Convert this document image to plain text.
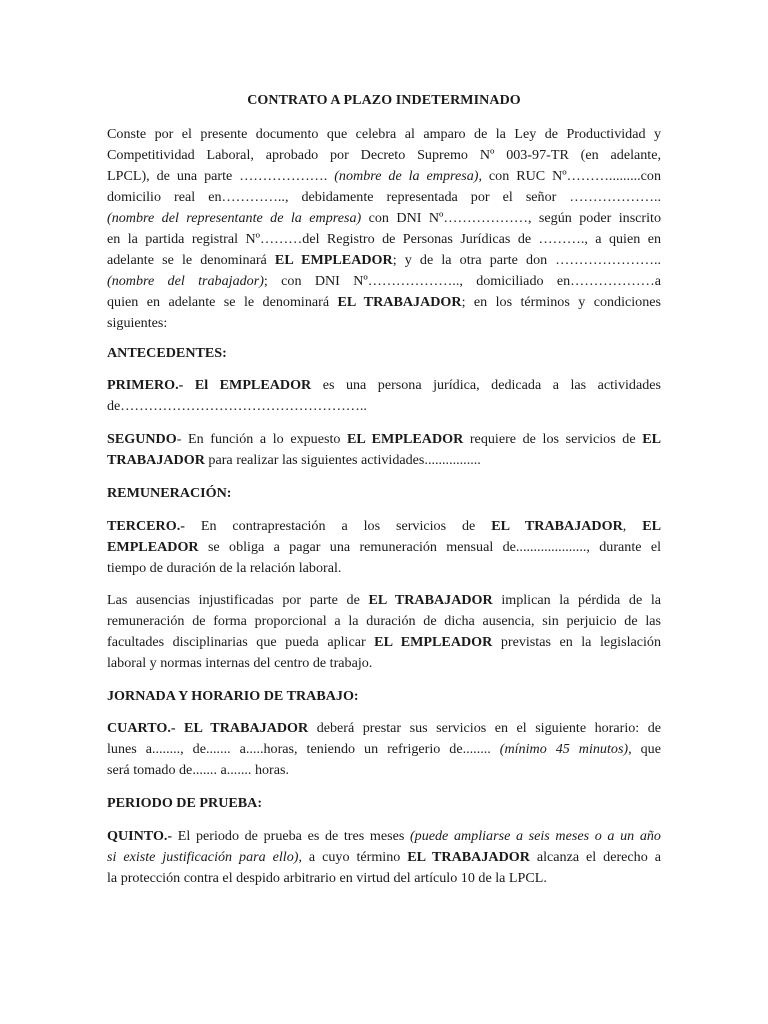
CONTRATO A PLAZO INDETERMINADO
Conste por el presente documento que celebra al amparo de la Ley de Productividad y
Competitividad Laboral, aprobado por Decreto Supremo Nº 003-97-TR (en adelante,
LPCL), de una parte ………………. (nombre de la empresa), con RUC Nº……….........con
domicilio real en………….., debidamente representada por el señor ………………..
(nombre del representante de la empresa) con DNI Nº………………, según poder inscrito
en la partida registral Nº………del Registro de Personas Jurídicas de ………., a quien en
adelante se le denominará EL EMPLEADOR; y de la otra parte don …………………..
(nombre del trabajador); con DNI Nº……………….., domiciliado en………………a
quien en adelante se le denominará EL TRABAJADOR; en los términos y condiciones
siguientes:
ANTECEDENTES:
PRIMERO.- El EMPLEADOR es una persona jurídica, dedicada a las actividades
de……………………………………………..
SEGUNDO- En función a lo expuesto EL EMPLEADOR requiere de los servicios de EL
TRABAJADOR para realizar las siguientes actividades................
REMUNERACIÓN:
TERCERO.- En contraprestación a los servicios de EL TRABAJADOR, EL
EMPLEADOR se obliga a pagar una remuneración mensual de...................., durante el
tiempo de duración de la relación laboral.
Las ausencias injustificadas por parte de EL TRABAJADOR implican la pérdida de la
remuneración de forma proporcional a la duración de dicha ausencia, sin perjuicio de las
facultades disciplinarias que pueda aplicar EL EMPLEADOR previstas en la legislación
laboral y normas internas del centro de trabajo.
JORNADA Y HORARIO DE TRABAJO:
CUARTO.- EL TRABAJADOR deberá prestar sus servicios en el siguiente horario: de
lunes a........, de....... a.....horas, teniendo un refrigerio de........ (mínimo 45 minutos), que
será tomado de....... a....... horas.
PERIODO DE PRUEBA:
QUINTO.- El periodo de prueba es de tres meses (puede ampliarse a seis meses o a un año
si existe justificación para ello), a cuyo término EL TRABAJADOR alcanza el derecho a
la protección contra el despido arbitrario en virtud del artículo 10 de la LPCL.
